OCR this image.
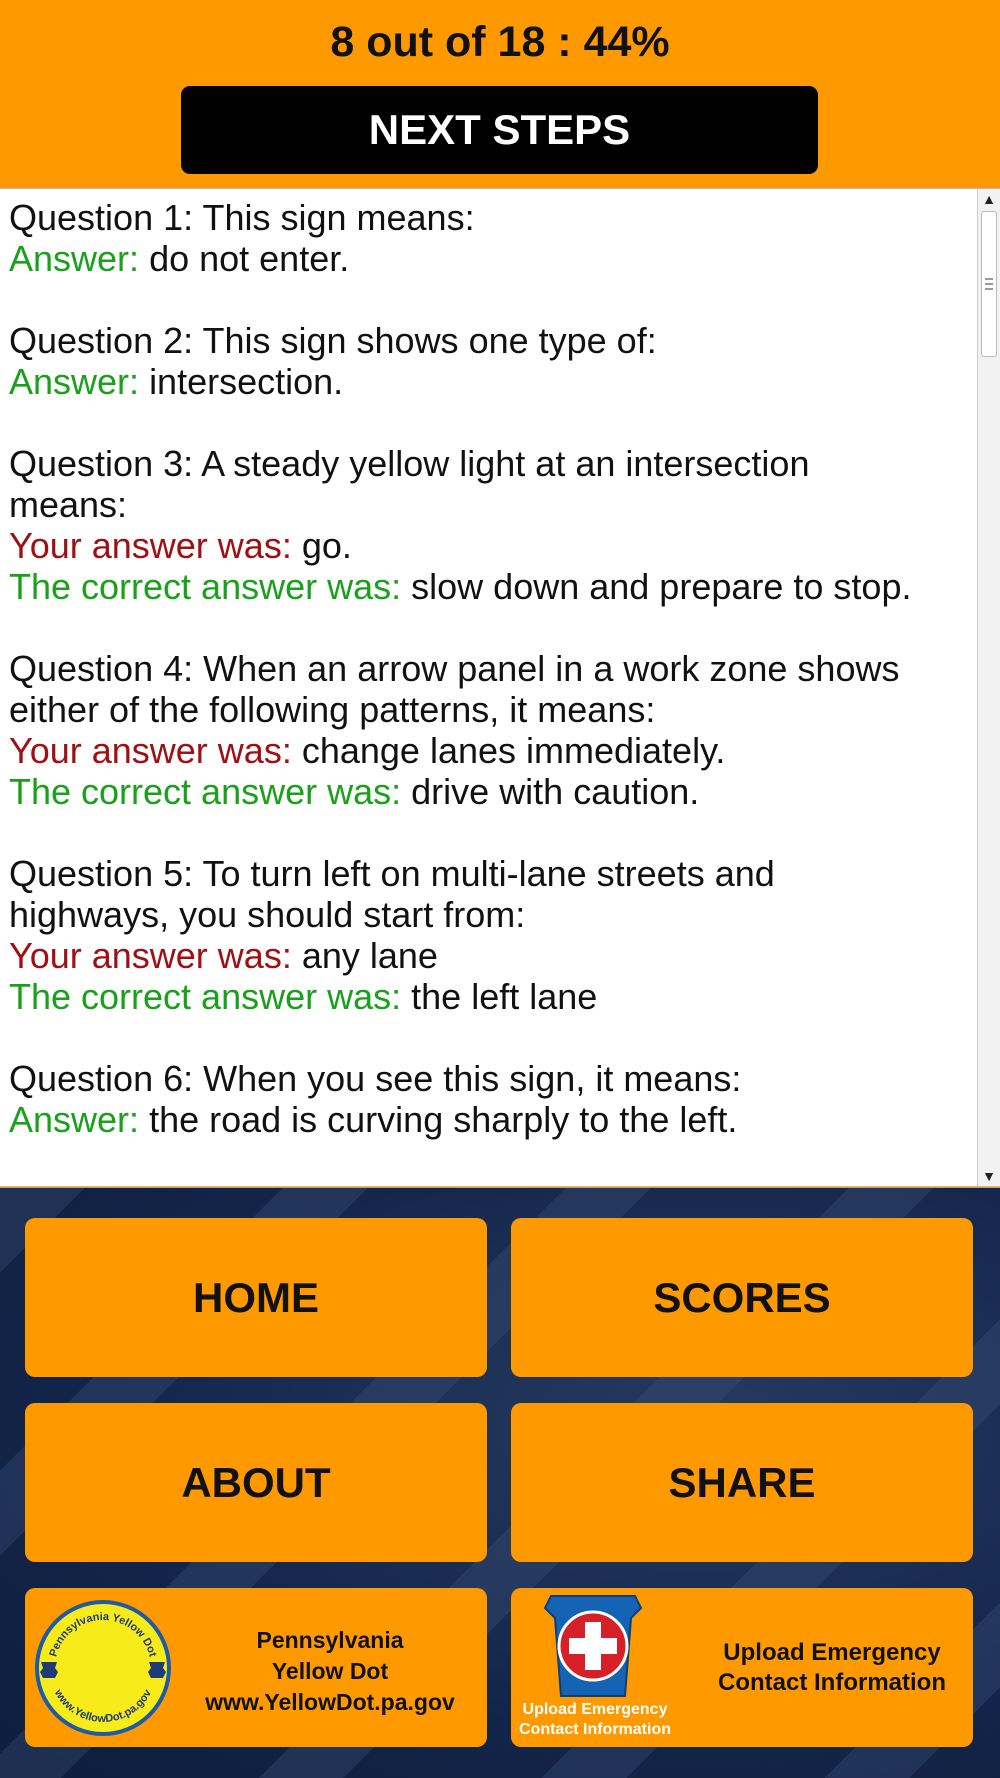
8 out of 18 : 44%
NEXT STEPS
Question 1: This sign means:
Answer: do not enter.
Question 2: This sign shows one type of:
Answer: intersection.
Question 3: A steady yellow light at an intersection
means:
Your answer was: go.
The correct answer was: slow down and prepare to stop.
Question 4: When an arrow panel in a work zone shows
either of the following patterns, it means:
Your answer was: change lanes immediately.
The correct answer was: drive with caution.
Question 5: To turn left on multi-lane streets and
highways, you should start from:
Your answer was: any lane
The correct answer was: the left lane
Question 6: When you see this sign, it means:
Answer: the road is curving sharply to the left.
▲
▼
HOME	SCORES
ABOUT	SHARE
Pennsylvania Yellow Dot
www.YellowDot.pa.gov
Pennsylvania
Yellow Dot
www.YellowDot.pa.gov	Upload Emergency
Contact Information
Upload Emergency
Contact Information
